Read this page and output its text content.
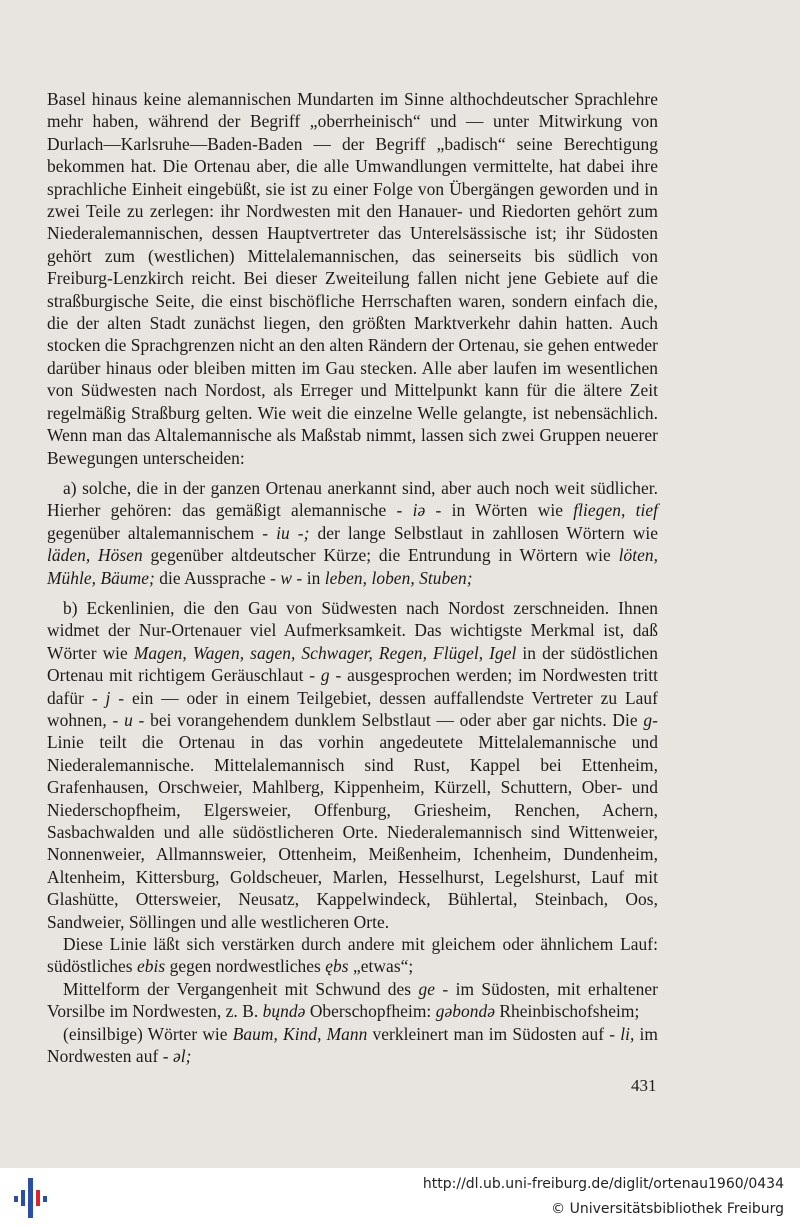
Basel hinaus keine alemannischen Mundarten im Sinne althochdeutscher Sprachlehre mehr haben, während der Begriff „oberrheinisch“ und — unter Mitwirkung von Durlach—Karlsruhe—Baden-Baden — der Begriff „badisch“ seine Berechtigung bekommen hat. Die Ortenau aber, die alle Umwandlungen vermittelte, hat dabei ihre sprachliche Einheit eingebüßt, sie ist zu einer Folge von Übergängen geworden und in zwei Teile zu zerlegen: ihr Nordwesten mit den Hanauer- und Riedorten gehört zum Niederalemannischen, dessen Hauptvertreter das Unterelsässische ist; ihr Südosten gehört zum (westlichen) Mittelalemannischen, das seinerseits bis südlich von Freiburg-Lenzkirch reicht. Bei dieser Zweiteilung fallen nicht jene Gebiete auf die straßburgische Seite, die einst bischöfliche Herrschaften waren, sondern einfach die, die der alten Stadt zunächst liegen, den größten Marktverkehr dahin hatten. Auch stocken die Sprachgrenzen nicht an den alten Rändern der Ortenau, sie gehen entweder darüber hinaus oder bleiben mitten im Gau stecken. Alle aber laufen im wesentlichen von Südwesten nach Nordost, als Erreger und Mittelpunkt kann für die ältere Zeit regelmäßig Straßburg gelten. Wie weit die einzelne Welle gelangte, ist nebensächlich. Wenn man das Altalemannische als Maßstab nimmt, lassen sich zwei Gruppen neuerer Bewegungen unterscheiden:

a) solche, die in der ganzen Ortenau anerkannt sind, aber auch noch weit südlicher. Hierher gehören: das gemäßigt alemannische - iə - in Wörten wie fliegen, tief gegenüber altalemannischem - iu -; der lange Selbstlaut in zahllosen Wörtern wie läden, Hösen gegenüber altdeutscher Kürze; die Entrundung in Wörtern wie löten, Mühle, Bäume; die Aussprache - w - in leben, loben, Stuben;

b) Eckenlinien, die den Gau von Südwesten nach Nordost zerschneiden. Ihnen widmet der Nur-Ortenauer viel Aufmerksamkeit. Das wichtigste Merkmal ist, daß Wörter wie Magen, Wagen, sagen, Schwager, Regen, Flügel, Igel in der südöstlichen Ortenau mit richtigem Geräuschlaut - g - ausgesprochen werden; im Nordwesten tritt dafür - j - ein — oder in einem Teilgebiet, dessen auffallendste Vertreter zu Lauf wohnen, - u - bei vorangehendem dunklem Selbstlaut — oder aber gar nichts. Die g-Linie teilt die Ortenau in das vorhin angedeutete Mittelalemannische und Niederalemannische. Mittelalemannisch sind Rust, Kappel bei Ettenheim, Grafenhausen, Orschweier, Mahlberg, Kippenheim, Kürzell, Schuttern, Ober- und Niederschopfheim, Elgersweier, Offenburg, Griesheim, Renchen, Achern, Sasbachwalden und alle südöstlicheren Orte. Niederalemannisch sind Wittenweier, Nonnenweier, Allmannsweier, Ottenheim, Meißenheim, Ichenheim, Dundenheim, Altenheim, Kittersburg, Goldscheuer, Marlen, Hesselhurst, Legelshurst, Lauf mit Glashütte, Ottersweier, Neusatz, Kappelwindeck, Bühlertal, Steinbach, Oos, Sandweier, Söllingen und alle westlicheren Orte.

Diese Linie läßt sich verstärken durch andere mit gleichem oder ähnlichem Lauf: südöstliches ebis gegen nordwestliches ębs „etwas“;

Mittelform der Vergangenheit mit Schwund des ge - im Südosten, mit erhaltener Vorsilbe im Nordwesten, z. B. bųndə Oberschopfheim: gəbondə Rheinbischofsheim;

(einsilbige) Wörter wie Baum, Kind, Mann verkleinert man im Südosten auf - li, im Nordwesten auf - əl;

431
http://dl.ub.uni-freiburg.de/diglit/ortenau1960/0434
© Universitätsbibliothek Freiburg
